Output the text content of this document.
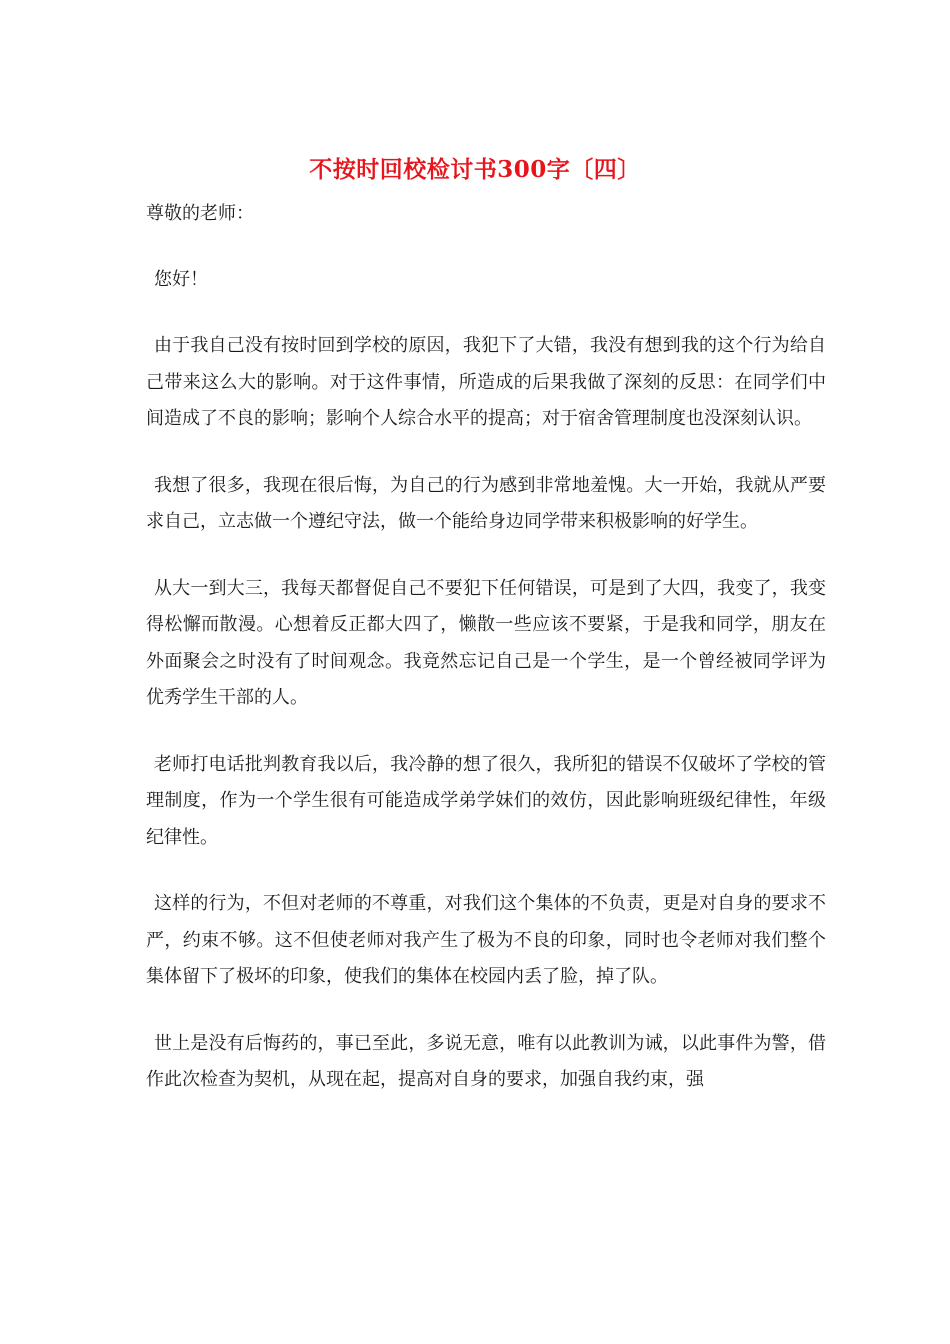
不按时回校检讨书300字〔四〕

尊敬的老师：

您好！

由于我自己没有按时回到学校的原因，我犯下了大错，我没有想到我的这个行为给自己带来这么大的影响。对于这件事情，所造成的后果我做了深刻的反思：在同学们中间造成了不良的影响；影响个人综合水平的提高；对于宿舍管理制度也没深刻认识。

我想了很多，我现在很后悔，为自己的行为感到非常地羞愧。大一开始，我就从严要求自己，立志做一个遵纪守法，做一个能给身边同学带来积极影响的好学生。

从大一到大三，我每天都督促自己不要犯下任何错误，可是到了大四，我变了，我变得松懈而散漫。心想着反正都大四了，懒散一些应该不要紧，于是我和同学，朋友在外面聚会之时没有了时间观念。我竟然忘记自己是一个学生，是一个曾经被同学评为优秀学生干部的人。

老师打电话批判教育我以后，我冷静的想了很久，我所犯的错误不仅破坏了学校的管理制度，作为一个学生很有可能造成学弟学妹们的效仿，因此影响班级纪律性，年级纪律性。

这样的行为，不但对老师的不尊重，对我们这个集体的不负责，更是对自身的要求不严，约束不够。这不但使老师对我产生了极为不良的印象，同时也令老师对我们整个集体留下了极坏的印象，使我们的集体在校园内丢了脸，掉了队。

世上是没有后悔药的，事已至此，多说无意，唯有以此教训为诫，以此事件为警，借作此次检查为契机，从现在起，提高对自身的要求，加强自我约束，强
